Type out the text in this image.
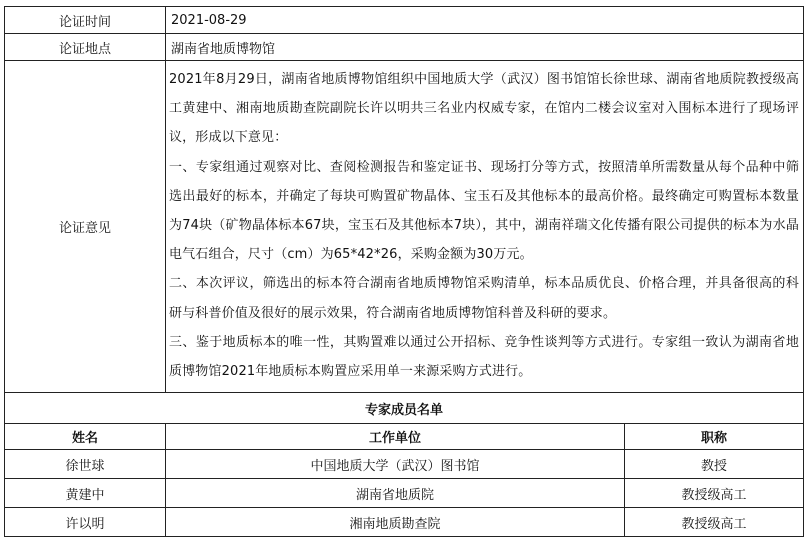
论证时间	2021-08-29	
论证地点	湖南省地质博物馆	
论证意见	2021年8月29日，湖南省地质博物馆组织中国地质大学（武汉）图书馆馆长徐世球、湖南省地质院教授级高工黄建中、湘南地质勘查院副院长许以明共三名业内权威专家，在馆内二楼会议室对入围标本进行了现场评议，形成以下意见：
一、专家组通过观察对比、查阅检测报告和鉴定证书、现场打分等方式，按照清单所需数量从每个品种中筛选出最好的标本，并确定了每块可购置矿物晶体、宝玉石及其他标本的最高价格。最终确定可购置标本数量为74块（矿物晶体标本67块，宝玉石及其他标本7块），其中，湖南祥瑞文化传播有限公司提供的标本为水晶电气石组合，尺寸（cm）为65*42*26，采购金额为30万元。
二、本次评议，筛选出的标本符合湖南省地质博物馆采购清单，标本品质优良、价格合理，并具备很高的科研与科普价值及很好的展示效果，符合湖南省地质博物馆科普及科研的要求。
三、鉴于地质标本的唯一性，其购置难以通过公开招标、竞争性谈判等方式进行。专家组一致认为湖南省地质博物馆2021年地质标本购置应采用单一来源采购方式进行。	

专家成员名单		
姓名	工作单位	职称
徐世球	中国地质大学（武汉）图书馆	教授
黄建中	湖南省地质院	教授级高工
许以明	湘南地质勘查院	教授级高工
